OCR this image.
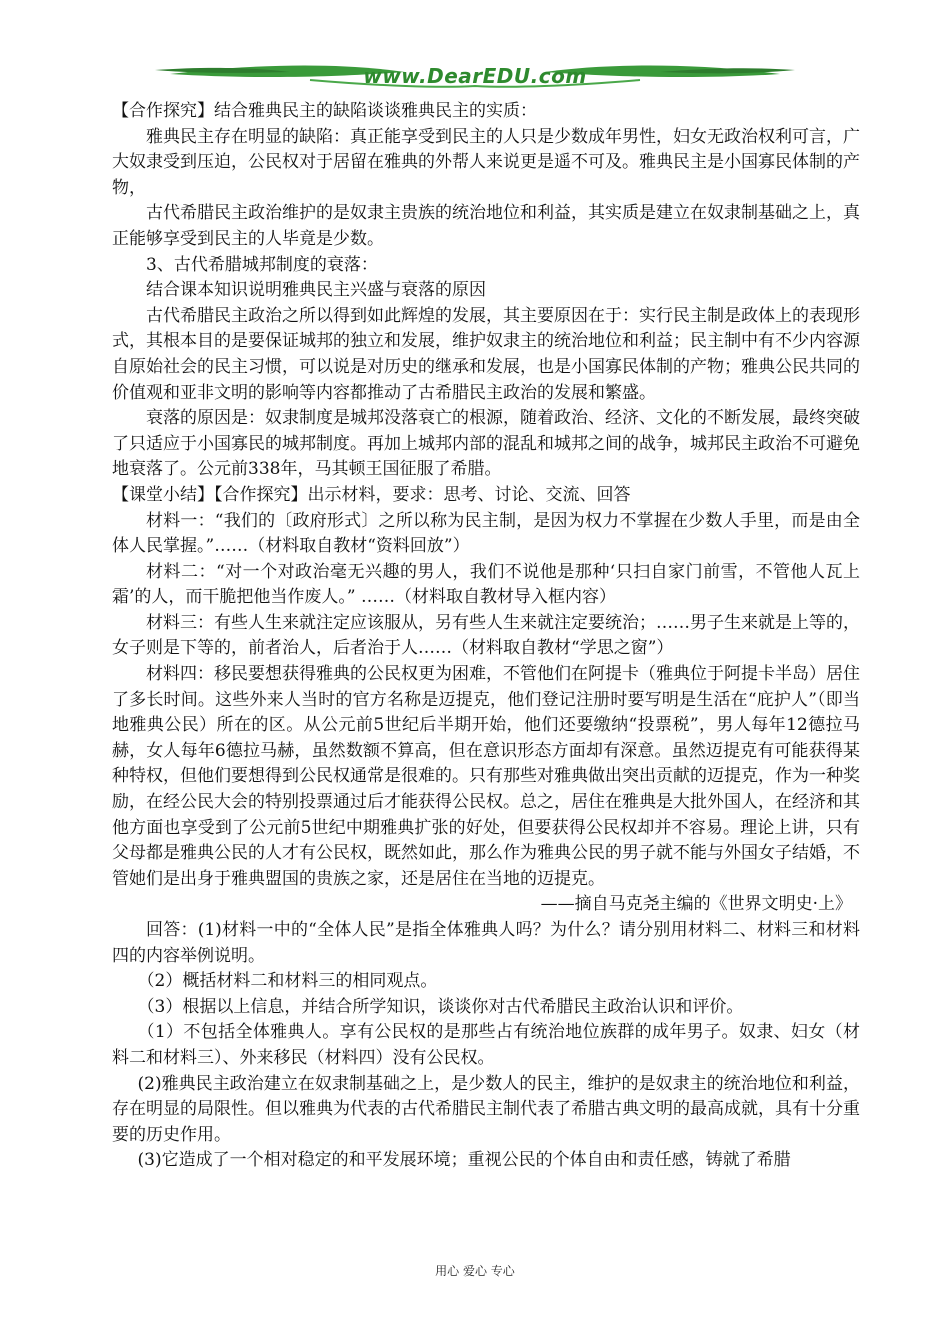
www.DearEDU.com

【合作探究】结合雅典民主的缺陷谈谈雅典民主的实质：

雅典民主存在明显的缺陷：真正能享受到民主的人只是少数成年男性，妇女无政治权利可言，广大奴隶受到压迫，公民权对于居留在雅典的外帮人来说更是遥不可及。雅典民主是小国寡民体制的产物，

古代希腊民主政治维护的是奴隶主贵族的统治地位和利益，其实质是建立在奴隶制基础之上，真正能够享受到民主的人毕竟是少数。

3、古代希腊城邦制度的衰落：

结合课本知识说明雅典民主兴盛与衰落的原因

古代希腊民主政治之所以得到如此辉煌的发展，其主要原因在于：实行民主制是政体上的表现形式，其根本目的是要保证城邦的独立和发展，维护奴隶主的统治地位和利益；民主制中有不少内容源自原始社会的民主习惯，可以说是对历史的继承和发展，也是小国寡民体制的产物；雅典公民共同的价值观和亚非文明的影响等内容都推动了古希腊民主政治的发展和繁盛。

衰落的原因是：奴隶制度是城邦没落衰亡的根源，随着政治、经济、文化的不断发展，最终突破了只适应于小国寡民的城邦制度。再加上城邦内部的混乱和城邦之间的战争，城邦民主政治不可避免地衰落了。公元前338年，马其顿王国征服了希腊。

【课堂小结】【合作探究】出示材料，要求：思考、讨论、交流、回答

材料一：“我们的〔政府形式〕之所以称为民主制，是因为权力不掌握在少数人手里，而是由全体人民掌握。”……（材料取自教材“资料回放”）

材料二：“对一个对政治毫无兴趣的男人，我们不说他是那种‘只扫自家门前雪，不管他人瓦上霜’的人，而干脆把他当作废人。” ……（材料取自教材导入框内容）

材料三：有些人生来就注定应该服从，另有些人生来就注定要统治；……男子生来就是上等的，女子则是下等的，前者治人，后者治于人……（材料取自教材“学思之窗”）

材料四：移民要想获得雅典的公民权更为困难，不管他们在阿提卡（雅典位于阿提卡半岛）居住了多长时间。这些外来人当时的官方名称是迈提克，他们登记注册时要写明是生活在“庇护人”（即当地雅典公民）所在的区。从公元前5世纪后半期开始，他们还要缴纳“投票税”，男人每年12德拉马赫，女人每年6德拉马赫，虽然数额不算高，但在意识形态方面却有深意。虽然迈提克有可能获得某种特权，但他们要想得到公民权通常是很难的。只有那些对雅典做出突出贡献的迈提克，作为一种奖励，在经公民大会的特别投票通过后才能获得公民权。总之，居住在雅典是大批外国人，在经济和其他方面也享受到了公元前5世纪中期雅典扩张的好处，但要获得公民权却并不容易。理论上讲，只有父母都是雅典公民的人才有公民权，既然如此，那么作为雅典公民的男子就不能与外国女子结婚，不管她们是出身于雅典盟国的贵族之家，还是居住在当地的迈提克。

——摘自马克尧主编的《世界文明史·上》

回答：(1)材料一中的“全体人民”是指全体雅典人吗？为什么？请分别用材料二、材料三和材料四的内容举例说明。

（2）概括材料二和材料三的相同观点。

（3）根据以上信息，并结合所学知识，谈谈你对古代希腊民主政治认识和评价。

（1）不包括全体雅典人。享有公民权的是那些占有统治地位族群的成年男子。奴隶、妇女（材料二和材料三）、外来移民（材料四）没有公民权。

(2)雅典民主政治建立在奴隶制基础之上，是少数人的民主，维护的是奴隶主的统治地位和利益，存在明显的局限性。但以雅典为代表的古代希腊民主制代表了希腊古典文明的最高成就，具有十分重要的历史作用。

(3)它造成了一个相对稳定的和平发展环境；重视公民的个体自由和责任感，铸就了希腊

用心 爱心 专心
